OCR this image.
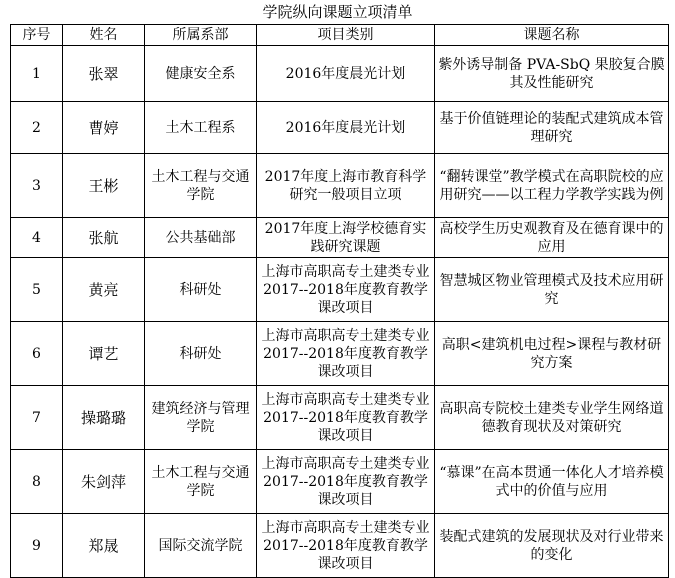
学院纵向课题立项清单
序号	姓名	所属系部	项目类别	课题名称
1	张翠	健康安全系	2016年度晨光计划	紫外诱导制备 PVA-SbQ 果胶复合膜其及性能研究
2	曹婷	土木工程系	2016年度晨光计划	基于价值链理论的装配式建筑成本管理研究
3	王彬	土木工程与交通学院	2017年度上海市教育科学研究一般项目立项	“翻转课堂”教学模式在高职院校的应用研究——以工程力学教学实践为例
4	张航	公共基础部	2017年度上海学校德育实践研究课题	高校学生历史观教育及在德育课中的应用
5	黄亮	科研处	上海市高职高专土建类专业2017--2018年度教育教学课改项目	智慧城区物业管理模式及技术应用研究
6	谭艺	科研处	上海市高职高专土建类专业2017--2018年度教育教学课改项目	高职<建筑机电过程>课程与教材研究方案
7	操璐璐	建筑经济与管理学院	上海市高职高专土建类专业2017--2018年度教育教学课改项目	高职高专院校土建类专业学生网络道德教育现状及对策研究
8	朱剑萍	土木工程与交通学院	上海市高职高专土建类专业2017--2018年度教育教学课改项目	“慕课”在高本贯通一体化人才培养模式中的价值与应用
9	郑晟	国际交流学院	上海市高职高专土建类专业2017--2018年度教育教学课改项目	装配式建筑的发展现状及对行业带来的变化
